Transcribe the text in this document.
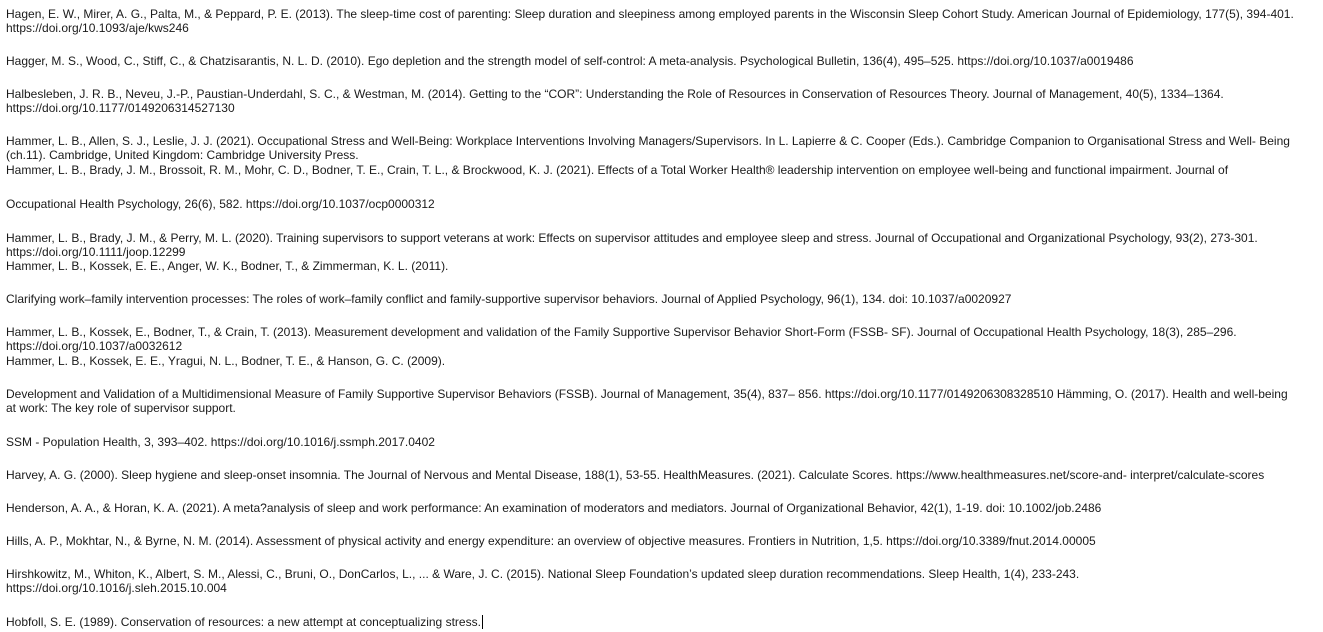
Hagen, E. W., Mirer, A. G., Palta, M., & Peppard, P. E. (2013). The sleep-time cost of parenting: Sleep duration and sleepiness among employed parents in the Wisconsin Sleep Cohort Study. American Journal of Epidemiology, 177(5), 394-401. https://doi.org/10.1093/aje/kws246
Hagger, M. S., Wood, C., Stiff, C., & Chatzisarantis, N. L. D. (2010). Ego depletion and the strength model of self-control: A meta-analysis. Psychological Bulletin, 136(4), 495–525. https://doi.org/10.1037/a0019486
Halbesleben, J. R. B., Neveu, J.-P., Paustian-Underdahl, S. C., & Westman, M. (2014). Getting to the “COR”: Understanding the Role of Resources in Conservation of Resources Theory. Journal of Management, 40(5), 1334–1364. https://doi.org/10.1177/0149206314527130
Hammer, L. B., Allen, S. J., Leslie, J. J. (2021). Occupational Stress and Well-Being: Workplace Interventions Involving Managers/Supervisors. In L. Lapierre & C. Cooper (Eds.). Cambridge Companion to Organisational Stress and Well- Being (ch.11). Cambridge, United Kingdom: Cambridge University Press.
Hammer, L. B., Brady, J. M., Brossoit, R. M., Mohr, C. D., Bodner, T. E., Crain, T. L., & Brockwood, K. J. (2021). Effects of a Total Worker Health® leadership intervention on employee well-being and functional impairment. Journal of
Occupational Health Psychology, 26(6), 582. https://doi.org/10.1037/ocp0000312
Hammer, L. B., Brady, J. M., & Perry, M. L. (2020). Training supervisors to support veterans at work: Effects on supervisor attitudes and employee sleep and stress. Journal of Occupational and Organizational Psychology, 93(2), 273-301. https://doi.org/10.1111/joop.12299
Hammer, L. B., Kossek, E. E., Anger, W. K., Bodner, T., & Zimmerman, K. L. (2011).
Clarifying work–family intervention processes: The roles of work–family conflict and family-supportive supervisor behaviors. Journal of Applied Psychology, 96(1), 134. doi: 10.1037/a0020927
Hammer, L. B., Kossek, E., Bodner, T., & Crain, T. (2013). Measurement development and validation of the Family Supportive Supervisor Behavior Short-Form (FSSB- SF). Journal of Occupational Health Psychology, 18(3), 285–296. https://doi.org/10.1037/a0032612
Hammer, L. B., Kossek, E. E., Yragui, N. L., Bodner, T. E., & Hanson, G. C. (2009).
Development and Validation of a Multidimensional Measure of Family Supportive Supervisor Behaviors (FSSB). Journal of Management, 35(4), 837– 856. https://doi.org/10.1177/0149206308328510 Hämming, O. (2017). Health and well-being at work: The key role of supervisor support.
SSM - Population Health, 3, 393–402. https://doi.org/10.1016/j.ssmph.2017.0402
Harvey, A. G. (2000). Sleep hygiene and sleep-onset insomnia. The Journal of Nervous and Mental Disease, 188(1), 53-55. HealthMeasures. (2021). Calculate Scores. https://www.healthmeasures.net/score-and- interpret/calculate-scores
Henderson, A. A., & Horan, K. A. (2021). A meta?analysis of sleep and work performance: An examination of moderators and mediators. Journal of Organizational Behavior, 42(1), 1-19. doi: 10.1002/job.2486
Hills, A. P., Mokhtar, N., & Byrne, N. M. (2014). Assessment of physical activity and energy expenditure: an overview of objective measures. Frontiers in Nutrition, 1,5. https://doi.org/10.3389/fnut.2014.00005
Hirshkowitz, M., Whiton, K., Albert, S. M., Alessi, C., Bruni, O., DonCarlos, L., ... & Ware, J. C. (2015). National Sleep Foundation’s updated sleep duration recommendations. Sleep Health, 1(4), 233-243. https://doi.org/10.1016/j.sleh.2015.10.004
Hobfoll, S. E. (1989). Conservation of resources: a new attempt at conceptualizing stress.
